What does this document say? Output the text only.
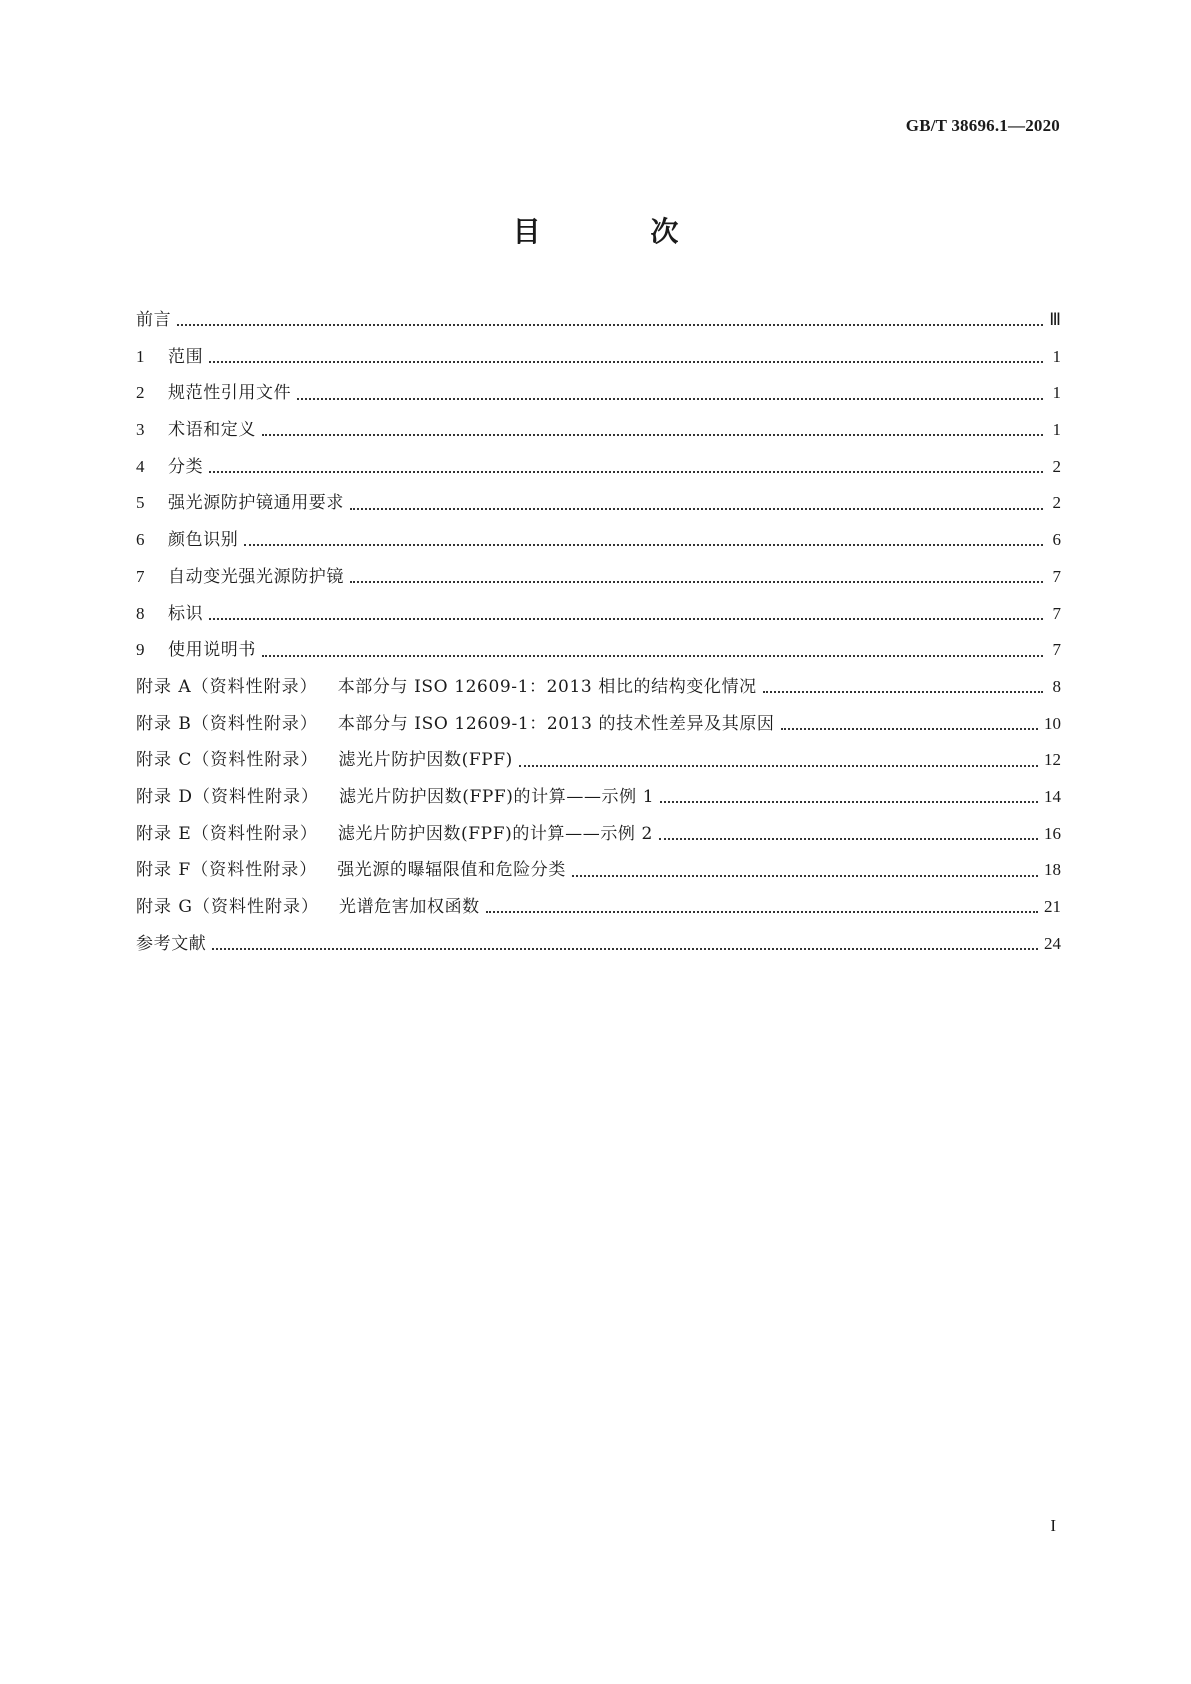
GB/T 38696.1—2020
目 次
前言	Ⅲ
1	范围	1
2	规范性引用文件	1
3	术语和定义	1
4	分类	2
5	强光源防护镜通用要求	2
6	颜色识别	6
7	自动变光强光源防护镜	7
8	标识	7
9	使用说明书	7
附录 A（资料性附录） 本部分与 ISO 12609-1：2013 相比的结构变化情况	8
附录 B（资料性附录） 本部分与 ISO 12609-1：2013 的技术性差异及其原因	10
附录 C（资料性附录） 滤光片防护因数(FPF)	12
附录 D（资料性附录） 滤光片防护因数(FPF)的计算——示例 1	14
附录 E（资料性附录） 滤光片防护因数(FPF)的计算——示例 2	16
附录 F（资料性附录） 强光源的曝辐限值和危险分类	18
附录 G（资料性附录） 光谱危害加权函数	21
参考文献	24
I
